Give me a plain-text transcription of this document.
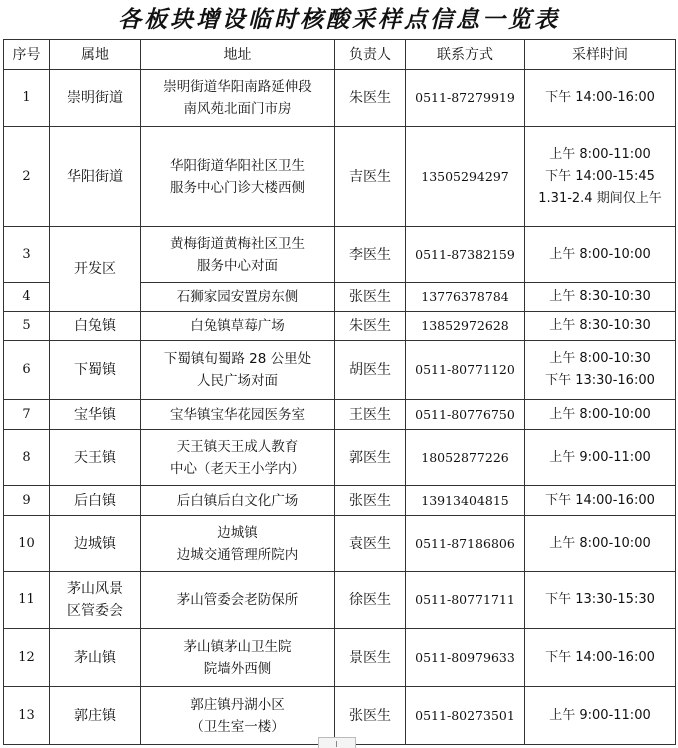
各板块增设临时核酸采样点信息一览表
序号	属地	地址	负责人	联系方式	采样时间
1	崇明街道	崇明街道华阳南路延伸段
南风苑北面门市房	朱医生	0511-87279919	下午 14:00-16:00

2	华阳街道	华阳街道华阳社区卫生
服务中心门诊大楼西侧	吉医生	13505294297	上午 8:00-11:00
下午 14:00-15:45
1.31-2.4 期间仅上午

3	开发区	黄梅街道黄梅社区卫生
服务中心对面	李医生	0511-87382159	上午 8:00-10:00

4		石狮家园安置房东侧	张医生	13776378784	上午 8:30-10:30

5	白兔镇	白兔镇草莓广场	朱医生	13852972628	上午 8:30-10:30

6	下蜀镇	下蜀镇旬蜀路 28 公里处
人民广场对面	胡医生	0511-80771120	上午 8:00-10:30
下午 13:30-16:00

7	宝华镇	宝华镇宝华花园医务室	王医生	0511-80776750	上午 8:00-10:00

8	天王镇	天王镇天王成人教育
中心（老天王小学内）	郭医生	18052877226	上午 9:00-11:00

9	后白镇	后白镇后白文化广场	张医生	13913404815	下午 14:00-16:00

10	边城镇	边城镇
边城交通管理所院内	袁医生	0511-87186806	上午 8:00-10:00

11	茅山风景
区管委会	茅山管委会老防保所	徐医生	0511-80771711	下午 13:30-15:30

12	茅山镇	茅山镇茅山卫生院
院墙外西侧	景医生	0511-80979633	下午 14:00-16:00

13	郭庄镇	郭庄镇丹湖小区
（卫生室一楼）	张医生	0511-80273501	上午 9:00-11:00
